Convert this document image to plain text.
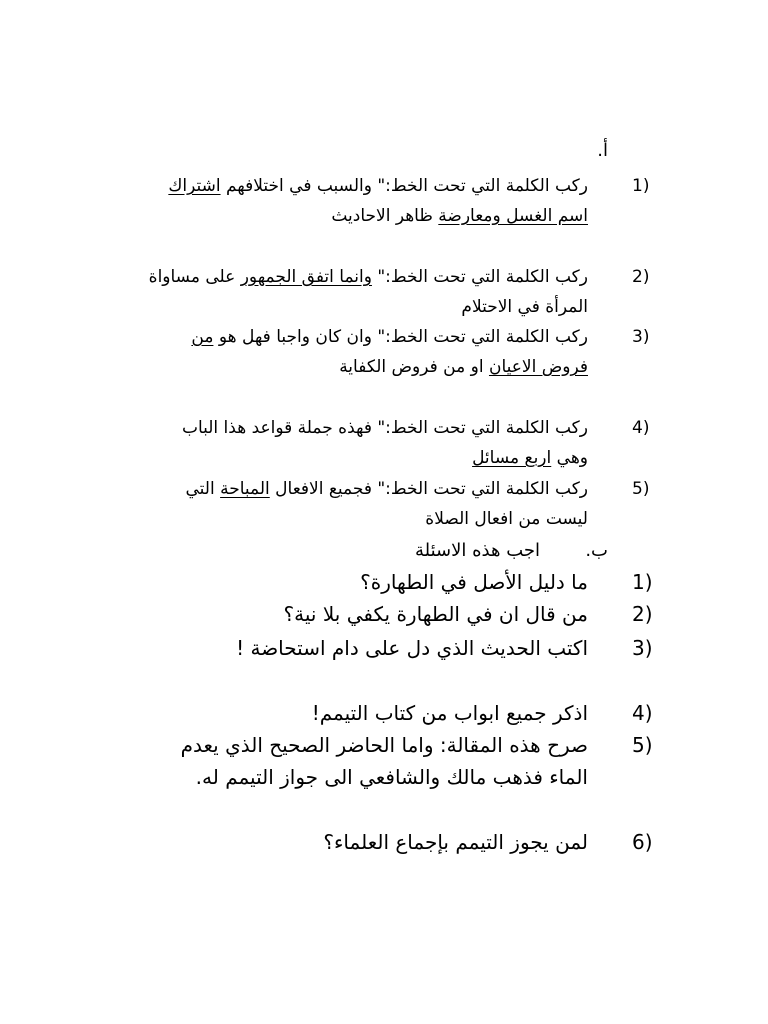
أ.
1)
ركب الكلمة التي تحت الخط:" والسبب في اختلافهم اشتراك اسم الغسل ومعارضة ظاهر الاحاديث
2)
ركب الكلمة التي تحت الخط:" وانما اتفق الجمهور على مساواة المرأة في الاحتلام
3)
ركب الكلمة التي تحت الخط:" وان كان واجبا فهل هو من فروض الاعيان او من فروض الكفاية
4)
ركب الكلمة التي تحت الخط:" فهذه جملة قواعد هذا الباب وهي اربع مسائل
5)
ركب الكلمة التي تحت الخط:" فجميع الافعال المباحة التي ليست من افعال الصلاة
ب.
اجب هذه الاسئلة
1)
ما دليل الأصل في الطهارة؟
2)
من قال ان في الطهارة يكفي بلا نية؟
3)
اكتب الحديث الذي دل على دام استحاضة !
4)
اذكر جميع ابواب من كتاب التيمم!
5)
صرح هذه المقالة: واما الحاضر الصحيح الذي يعدم الماء فذهب مالك والشافعي الى جواز التيمم له.
6)
لمن يجوز التيمم بإجماع العلماء؟
